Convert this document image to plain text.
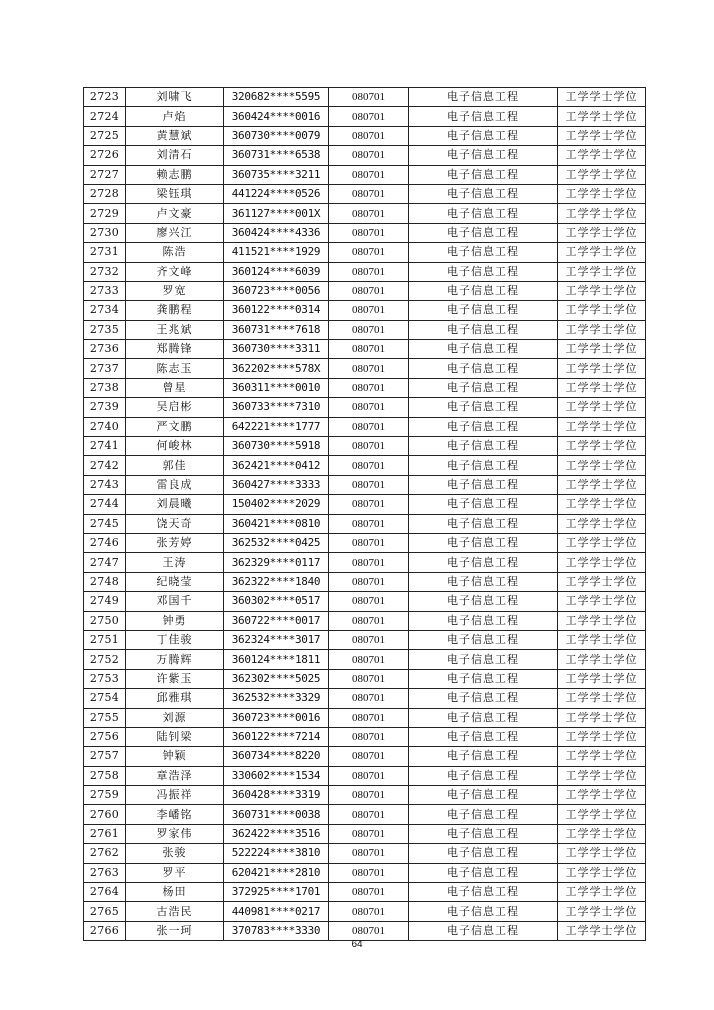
2723	刘啸飞	320682****5595	080701	电子信息工程	工学学士学位
2724	卢焰	360424****0016	080701	电子信息工程	工学学士学位
2725	黄慧斌	360730****0079	080701	电子信息工程	工学学士学位
2726	刘清石	360731****6538	080701	电子信息工程	工学学士学位
2727	赖志鹏	360735****3211	080701	电子信息工程	工学学士学位
2728	梁钰琪	441224****0526	080701	电子信息工程	工学学士学位
2729	卢文豪	361127****001X	080701	电子信息工程	工学学士学位
2730	廖兴江	360424****4336	080701	电子信息工程	工学学士学位
2731	陈浩	411521****1929	080701	电子信息工程	工学学士学位
2732	齐文峰	360124****6039	080701	电子信息工程	工学学士学位
2733	罗宽	360723****0056	080701	电子信息工程	工学学士学位
2734	龚鹏程	360122****0314	080701	电子信息工程	工学学士学位
2735	王兆斌	360731****7618	080701	电子信息工程	工学学士学位
2736	郑腾锋	360730****3311	080701	电子信息工程	工学学士学位
2737	陈志玉	362202****578X	080701	电子信息工程	工学学士学位
2738	曾星	360311****0010	080701	电子信息工程	工学学士学位
2739	吴启彬	360733****7310	080701	电子信息工程	工学学士学位
2740	严文鹏	642221****1777	080701	电子信息工程	工学学士学位
2741	何峻林	360730****5918	080701	电子信息工程	工学学士学位
2742	郭佳	362421****0412	080701	电子信息工程	工学学士学位
2743	雷良成	360427****3333	080701	电子信息工程	工学学士学位
2744	刘晨曦	150402****2029	080701	电子信息工程	工学学士学位
2745	饶天奇	360421****0810	080701	电子信息工程	工学学士学位
2746	张芳婷	362532****0425	080701	电子信息工程	工学学士学位
2747	王涛	362329****0117	080701	电子信息工程	工学学士学位
2748	纪晓莹	362322****1840	080701	电子信息工程	工学学士学位
2749	邓国千	360302****0517	080701	电子信息工程	工学学士学位
2750	钟勇	360722****0017	080701	电子信息工程	工学学士学位
2751	丁佳骏	362324****3017	080701	电子信息工程	工学学士学位
2752	万腾辉	360124****1811	080701	电子信息工程	工学学士学位
2753	许紫玉	362302****5025	080701	电子信息工程	工学学士学位
2754	邱雅琪	362532****3329	080701	电子信息工程	工学学士学位
2755	刘源	360723****0016	080701	电子信息工程	工学学士学位
2756	陆钊梁	360122****7214	080701	电子信息工程	工学学士学位
2757	钟颖	360734****8220	080701	电子信息工程	工学学士学位
2758	章浩泽	330602****1534	080701	电子信息工程	工学学士学位
2759	冯振祥	360428****3319	080701	电子信息工程	工学学士学位
2760	李嶓铭	360731****0038	080701	电子信息工程	工学学士学位
2761	罗家伟	362422****3516	080701	电子信息工程	工学学士学位
2762	张骏	522224****3810	080701	电子信息工程	工学学士学位
2763	罗平	620421****2810	080701	电子信息工程	工学学士学位
2764	杨田	372925****1701	080701	电子信息工程	工学学士学位
2765	古浩民	440981****0217	080701	电子信息工程	工学学士学位
2766	张一珂	370783****3330	080701	电子信息工程	工学学士学位
64
